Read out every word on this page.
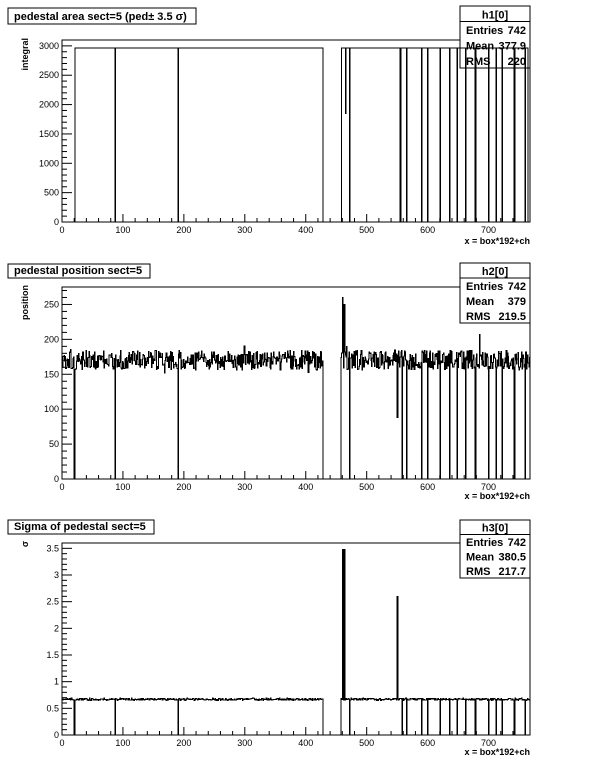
pedestal area sect=5 (ped± 3.5 σ)	h1[0]
Entries 742
Mean 377.9
RMS 220
integral
x = box*192+ch
0	100	200	300	400	500	600	700
0
500
1000
1500
2000
2500
3000
pedestal position sect=5	h2[0]
Entries 742
Mean 379
RMS 219.5
position
x = box*192+ch
0	100	200	300	400	500	600	700
0
50
100
150
200
250
Sigma of pedestal sect=5	h3[0]
Entries 742
Mean 380.5
RMS 217.7
σ
x = box*192+ch
0	100	200	300	400	500	600	700
0
0.5
1
1.5
2
2.5
3
3.5
